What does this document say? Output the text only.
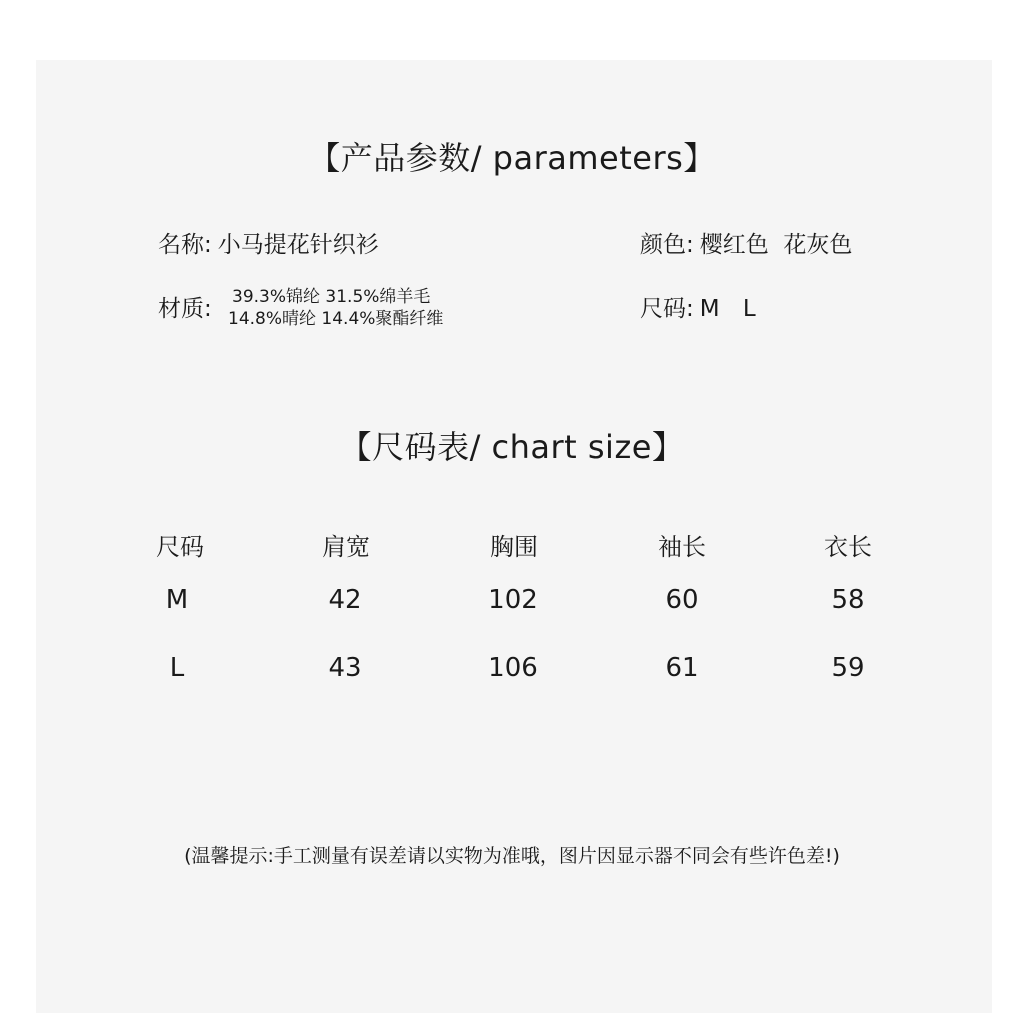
【产品参数/ parameters】
名称: 小马提花针织衫	颜色: 樱红色  花灰色
材质: 39.3%锦纶 31.5%绵羊毛
14.8%晴纶 14.4%聚酯纤维	尺码: M L
【尺码表/ chart size】
尺码	肩宽	胸围	袖长	衣长
M	42	102	60	58
L	43	106	61	59
(温馨提示:手工测量有误差请以实物为准哦，图片因显示器不同会有些许色差!)
